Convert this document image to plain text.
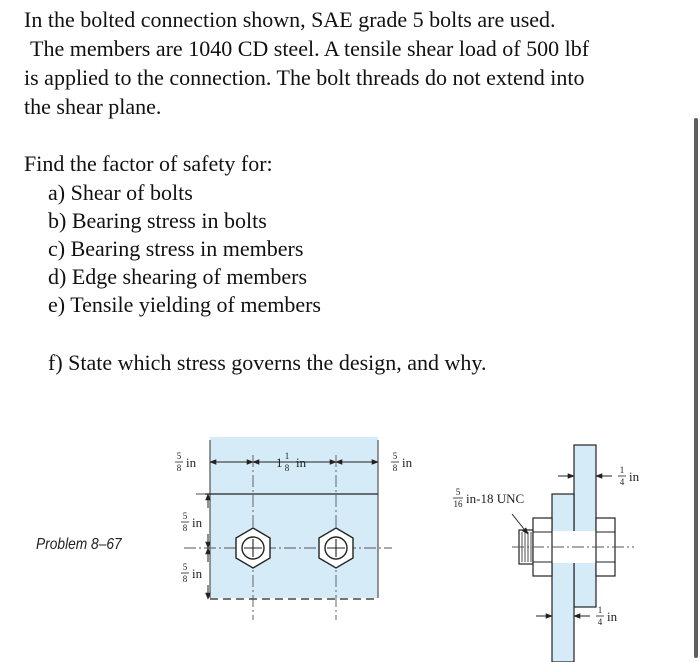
In the bolted connection shown, SAE grade 5 bolts are used.

The members are 1040 CD steel. A tensile shear load of 500 lbf

is applied to the connection. The bolt threads do not extend into

the shear plane.

Find the factor of safety for:

a) Shear of bolts

b) Bearing stress in bolts

c) Bearing stress in members

d) Edge shearing of members

e) Tensile yielding of members

f) State which stress governs the design, and why.

Problem 8–67

5
8 in	1 1
8 in	5
8 in
5
8 in
5
8 in
5
16 in-18 UNC
1
4 in
1
4 in
